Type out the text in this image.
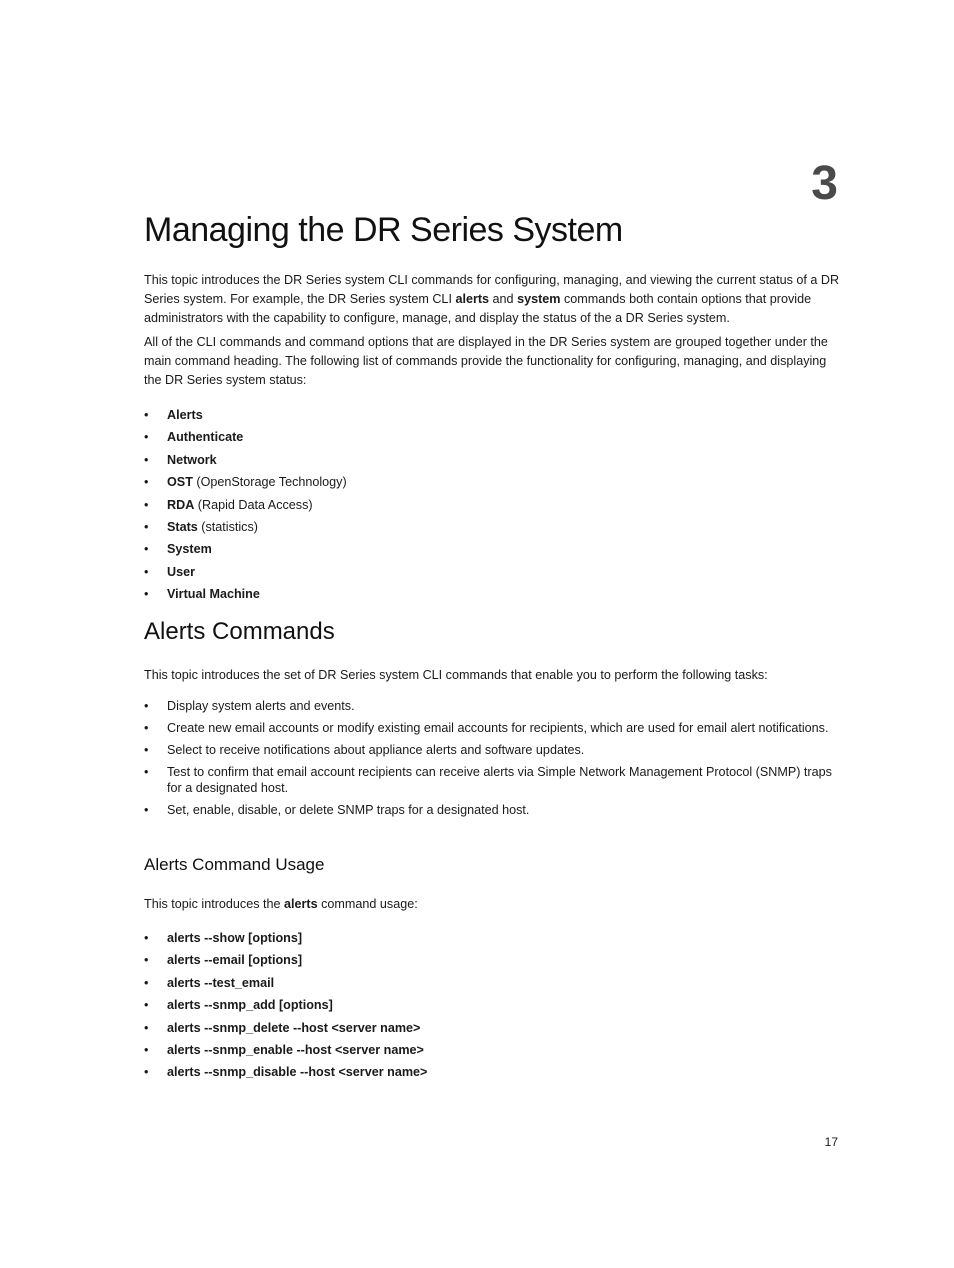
3
Managing the DR Series System

This topic introduces the DR Series system CLI commands for configuring, managing, and viewing the current status of a DR Series system. For example, the DR Series system CLI alerts and system commands both contain options that provide administrators with the capability to configure, manage, and display the status of the a DR Series system.

All of the CLI commands and command options that are displayed in the DR Series system are grouped together under the main command heading. The following list of commands provide the functionality for configuring, managing, and displaying the DR Series system status:

• Alerts
• Authenticate
• Network
• OST (OpenStorage Technology)
• RDA (Rapid Data Access)
• Stats (statistics)
• System
• User
• Virtual Machine
Alerts Commands

This topic introduces the set of DR Series system CLI commands that enable you to perform the following tasks:

• Display system alerts and events.
• Create new email accounts or modify existing email accounts for recipients, which are used for email alert notifications.
• Select to receive notifications about appliance alerts and software updates.
• Test to confirm that email account recipients can receive alerts via Simple Network Management Protocol (SNMP) traps for a designated host.
• Set, enable, disable, or delete SNMP traps for a designated host.
Alerts Command Usage

This topic introduces the alerts command usage:

• alerts --show [options]
• alerts --email [options]
• alerts --test_email
• alerts --snmp_add [options]
• alerts --snmp_delete --host <server name>
• alerts --snmp_enable --host <server name>
• alerts --snmp_disable --host <server name>
17
